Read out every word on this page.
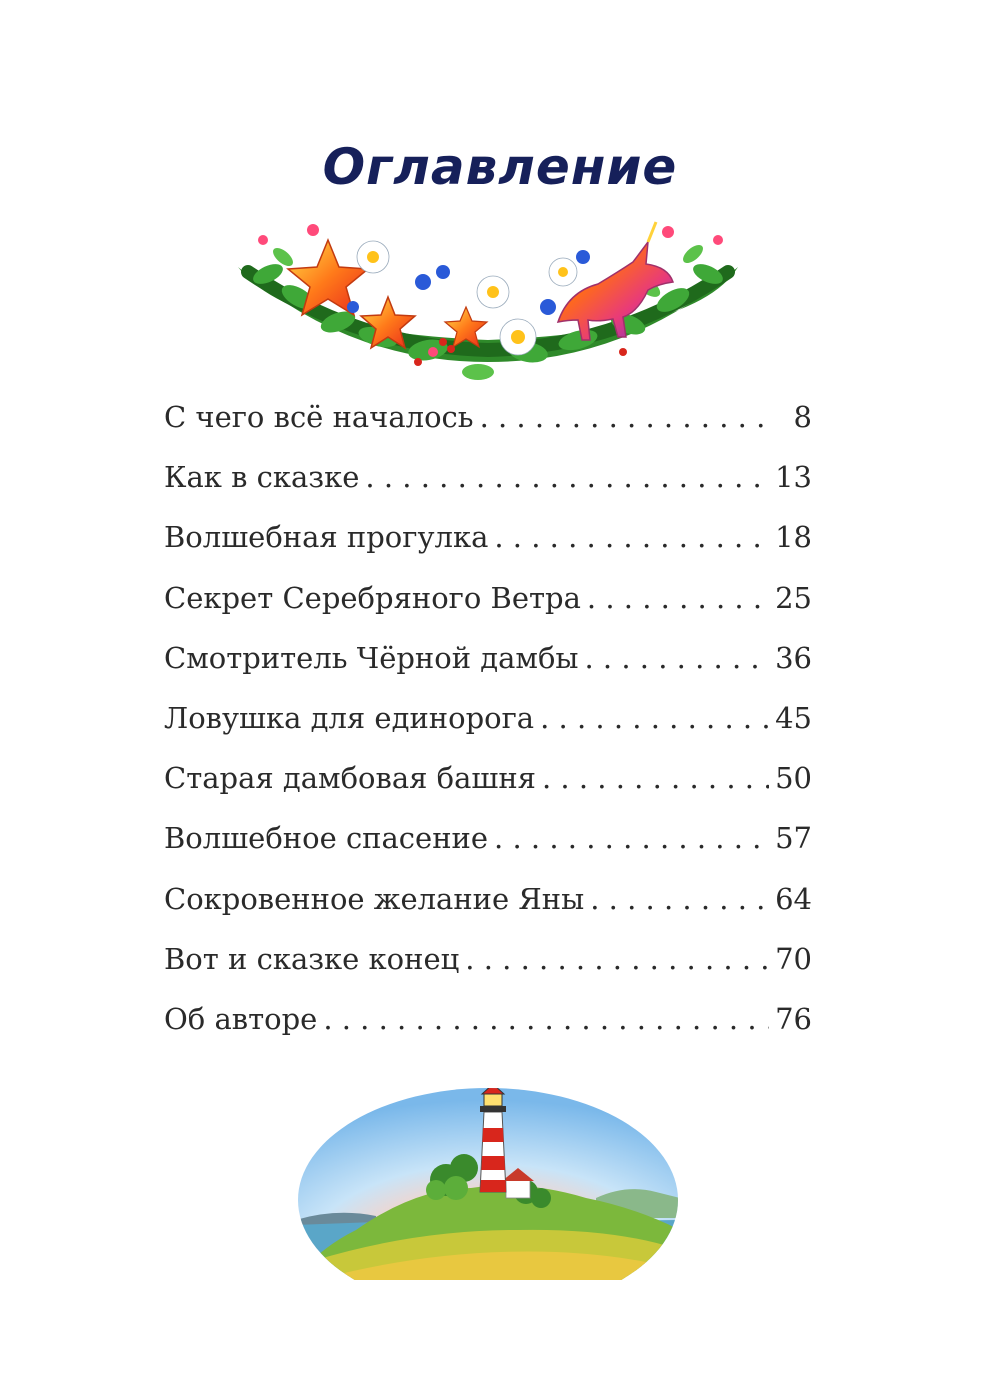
Оглавление
С чего всё началось . . .	8
Как в сказке . . .	13
Волшебная прогулка . . .	18
Секрет Серебряного Ветра . . .	25
Смотритель Чёрной дамбы . . .	36
Ловушка для единорога . . .	45
Старая дамбовая башня . . .	50
Волшебное спасение . . .	57
Сокровенное желание Яны . . .	64
Вот и сказке конец . . .	70
Об авторе . . .	76
